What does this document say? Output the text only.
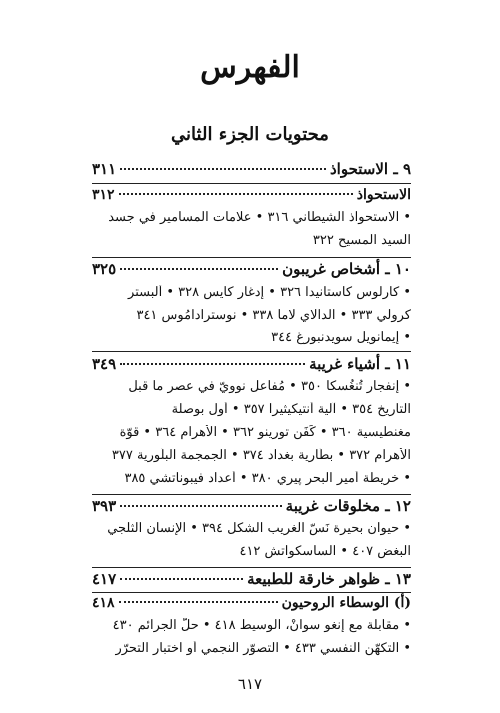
الفهرس
محتويات الجزء الثاني
٩ ـ الاستحواذ
٣١١
الاستحواذ
٣١٢
• الاستحواذ الشيطاني ٣١٦ • علامات المسامير في جسد
السيد المسيح ٣٢٢
١٠ ـ أشخاص غريبون
٣٢٥
• كارلوس كاستانيدا ٣٢٦ • إدغار كايس ٣٢٨ • ألبستر
كرولي ٣٣٣ • الدالاي لاما ٣٣٨ • نوسترادامُوس ٣٤١
• إيمانويل سويدنبورغ ٣٤٤
١١ ـ أشياء غريبة
٣٤٩
• إنفجار تُنغُسكا ٣٥٠ • مُفاعل نوويّ في عصر ما قبل
التاريخ ٣٥٤ • آلية أنتيكيثيرا ٣٥٧ • أول بوصلة
مغنطيسية ٣٦٠ • كَفَن تورينو ٣٦٢ • الأهرام ٣٦٤ • قوّة
الأهرام ٣٧٢ • بطّارية بغداد ٣٧٤ • الجمجمة البلّورية ٣٧٧
• خريطة أمير البحر پيري ٣٨٠ • أعداد فيبوناتشي ٣٨٥
١٢ ـ مخلوقات غريبة
٣٩٣
• حيوان بحيرة نَسّ الغريب الشكل ٣٩٤ • الإنسان الثلجي
البغض ٤٠٧ • الساسكواتش ٤١٢
١٣ ـ ظواهر خارقة للطبيعة
٤١٧
(أ) الوسطاء الروحيون
٤١٨
• مقابلة مع إنغو سوانْ، الوسيط ٤١٨ • حلّ الجرائم ٤٣٠
• التكهّن النفسي ٤٣٣ • التصوّر النجمي أو اختبار التحرّر
٦١٧
